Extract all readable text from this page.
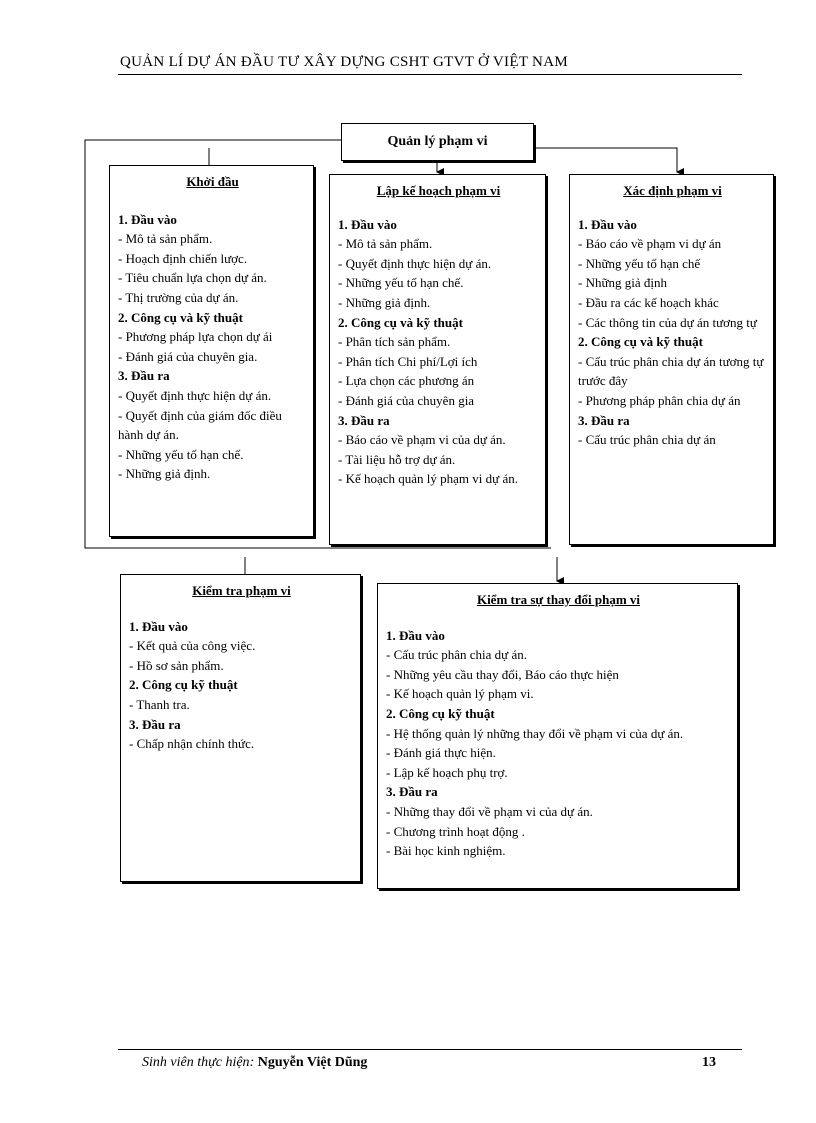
QUẢN LÍ DỰ ÁN ĐẦU TƯ XÂY DỰNG CSHT GTVT Ở VIỆT NAM
Quản lý phạm vi
Khởi đầu
1. Đầu vào
- Mô tả sản phẩm.
- Hoạch định chiến lược.
- Tiêu chuẩn lựa chọn dự án.
- Thị trường của dự án.
2. Công cụ và kỹ thuật
- Phương pháp lựa chọn dự ái
- Đánh giá của chuyên gia.
3. Đầu ra
- Quyết định thực hiện dự án.
- Quyết định của giám đốc điều hành dự án.
- Những yếu tố hạn chế.
- Những giả định.
Lập kế hoạch phạm vi
1. Đầu vào
- Mô tả sản phẩm.
- Quyết định thực hiện dự án.
- Những yếu tố hạn chế.
- Những giả định.
2. Công cụ và kỹ thuật
- Phân tích sản phẩm.
- Phân tích Chi phí/Lợi ích
- Lựa chọn các phương án
- Đánh giá của chuyên gia
3. Đầu ra
- Báo cáo về phạm vi của dự án.
- Tài liệu hỗ trợ dự án.
- Kế hoạch quản lý phạm vi dự án.
Xác định phạm vi
1. Đầu vào
- Báo cáo về phạm vi dự án
- Những yếu tố hạn chế
- Những giả định
- Đầu ra các kế hoạch khác
- Các thông tin của dự án tương tự
2. Công cụ và kỹ thuật
- Cấu trúc phân chia dự án tương tự trước đây
- Phương pháp phân chia dự án
3. Đầu ra
- Cấu trúc phân chia dự án
Kiểm tra phạm vi
1. Đầu vào
- Kết quả của công việc.
- Hồ sơ sản phẩm.
2. Công cụ kỹ thuật
- Thanh tra.
3. Đầu ra
- Chấp nhận chính thức.
Kiểm tra sự thay đổi phạm vi
1. Đầu vào
- Cấu trúc phân chia dự án.
- Những yêu cầu thay đổi, Báo cáo thực hiện
- Kế hoạch quản lý phạm vi.
2. Công cụ kỹ thuật
- Hệ thống quản lý những thay đổi về phạm vi của dự án.
- Đánh giá thực hiện.
- Lập kế hoạch phụ trợ.
3. Đầu ra
- Những thay đổi về phạm vi của dự án.
- Chương trình hoạt động .
- Bài học kinh nghiệm.
Sinh viên thực hiện: Nguyễn Việt Dũng	13
